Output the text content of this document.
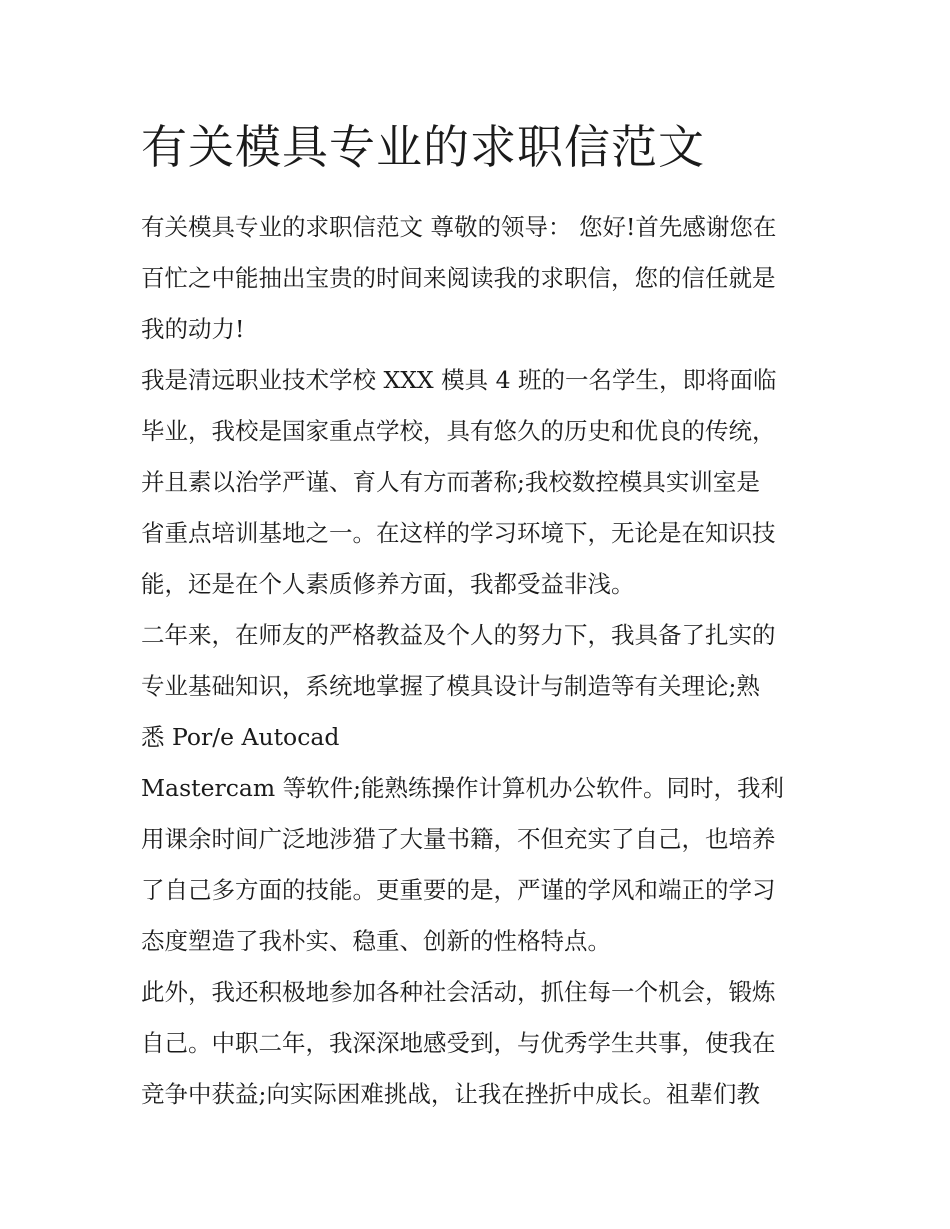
有关模具专业的求职信范文

有关模具专业的求职信范文 尊敬的领导： 您好!首先感谢您在
百忙之中能抽出宝贵的时间来阅读我的求职信，您的信任就是
我的动力!

我是清远职业技术学校 XXX 模具 4 班的一名学生，即将面临
毕业，我校是国家重点学校，具有悠久的历史和优良的传统，
并且素以治学严谨、育人有方而著称;我校数控模具实训室是
省重点培训基地之一。在这样的学习环境下，无论是在知识技
能，还是在个人素质修养方面，我都受益非浅。

二年来，在师友的严格教益及个人的努力下，我具备了扎实的
专业基础知识，系统地掌握了模具设计与制造等有关理论;熟
悉 Por/e Autocad

Mastercam 等软件;能熟练操作计算机办公软件。同时，我利
用课余时间广泛地涉猎了大量书籍，不但充实了自己，也培养
了自己多方面的技能。更重要的是，严谨的学风和端正的学习
态度塑造了我朴实、稳重、创新的性格特点。

此外，我还积极地参加各种社会活动，抓住每一个机会，锻炼
自己。中职二年，我深深地感受到，与优秀学生共事，使我在
竞争中获益;向实际困难挑战，让我在挫折中成长。祖辈们教
